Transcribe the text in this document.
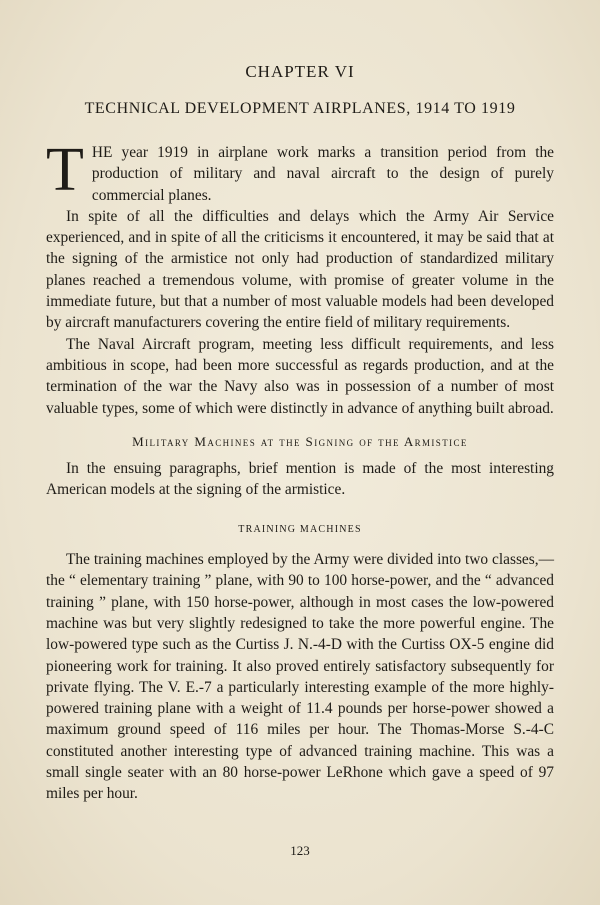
CHAPTER VI
TECHNICAL DEVELOPMENT AIRPLANES, 1914 TO 1919

THE year 1919 in airplane work marks a transition period from the production of military and naval aircraft to the design of purely commercial planes.

In spite of all the difficulties and delays which the Army Air Service experienced, and in spite of all the criticisms it encountered, it may be said that at the signing of the armistice not only had production of standardized military planes reached a tremendous volume, with promise of greater volume in the immediate future, but that a number of most valuable models had been developed by aircraft manufacturers covering the entire field of military requirements.

The Naval Aircraft program, meeting less difficult requirements, and less ambitious in scope, had been more successful as regards production, and at the termination of the war the Navy also was in possession of a number of most valuable types, some of which were distinctly in advance of anything built abroad.

Military Machines at the Signing of the Armistice

In the ensuing paragraphs, brief mention is made of the most interesting American models at the signing of the armistice.

TRAINING MACHINES

The training machines employed by the Army were divided into two classes,— the “ elementary training ” plane, with 90 to 100 horse-power, and the “ advanced training ” plane, with 150 horse-power, although in most cases the low-powered machine was but very slightly redesigned to take the more powerful engine. The low-powered type such as the Curtiss J. N.-4-D with the Curtiss OX-5 engine did pioneering work for training. It also proved entirely satisfactory subsequently for private flying. The V. E.-7 a particularly interesting example of the more highly-powered training plane with a weight of 11.4 pounds per horse-power showed a maximum ground speed of 116 miles per hour. The Thomas-Morse S.-4-C constituted another interesting type of advanced training machine. This was a small single seater with an 80 horse-power LeRhone which gave a speed of 97 miles per hour.

123
